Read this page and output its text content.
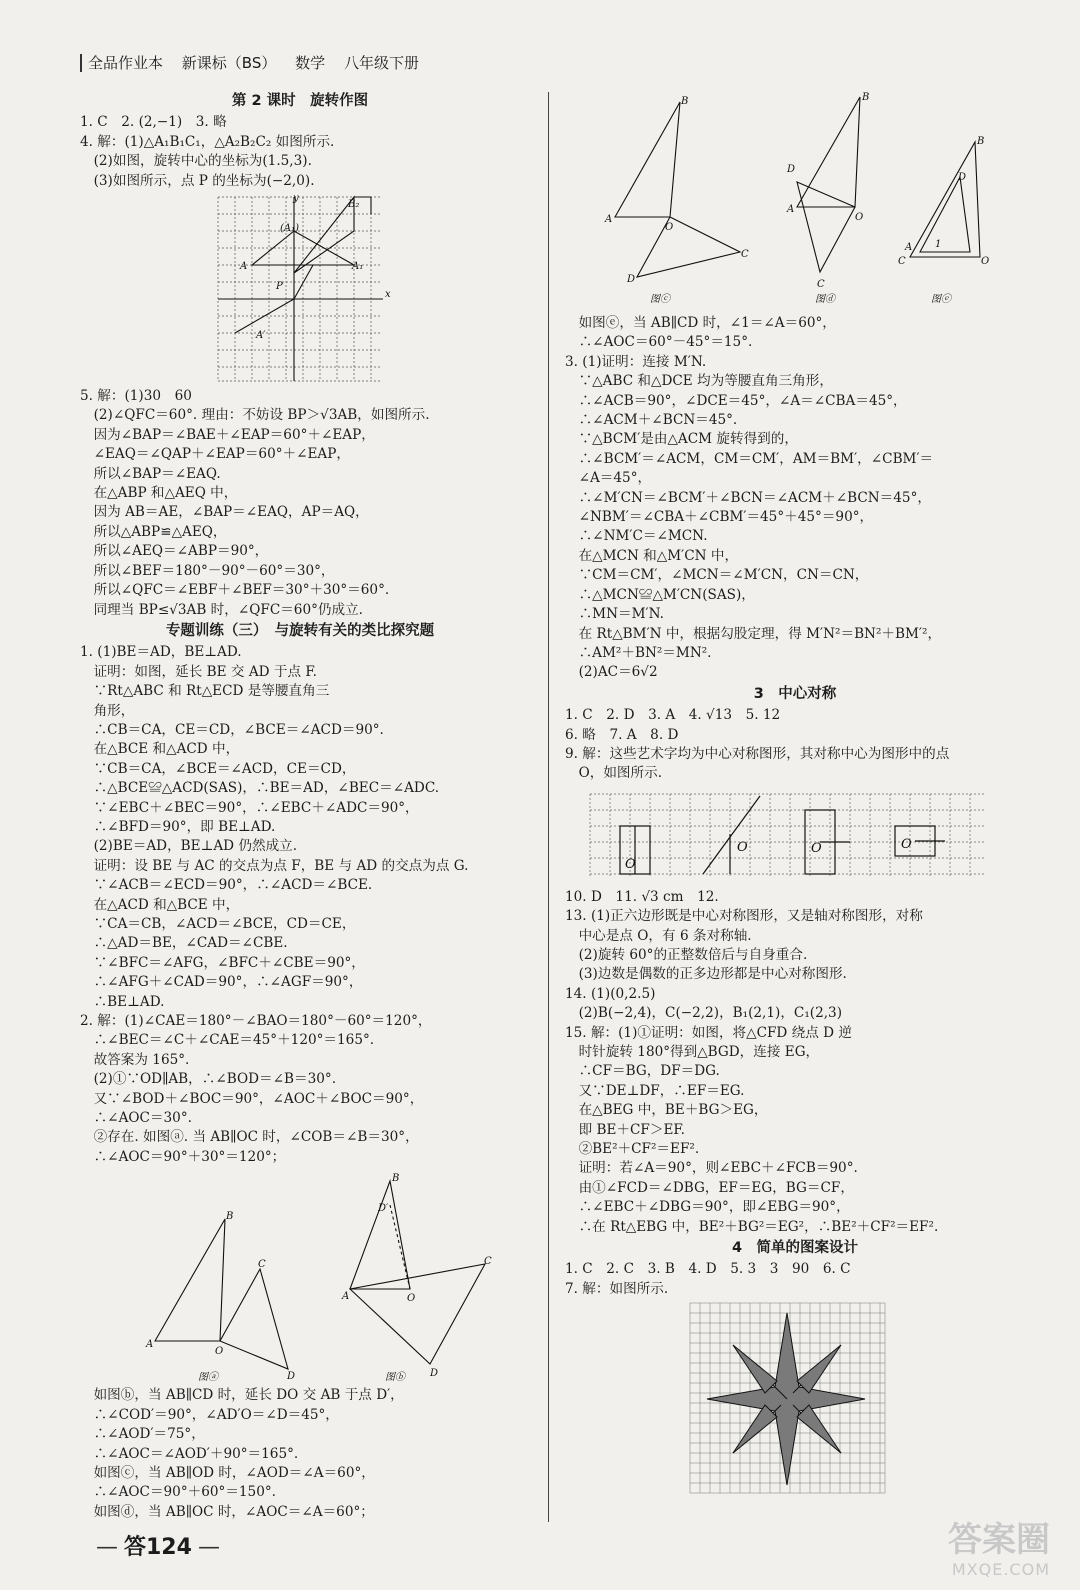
全品作业本 新课标（BS） 数学 八年级下册
第 2 课时　旋转作图
1. C　2. (2,−1)　3. 略
4. 解：(1)△A₁B₁C₁，△A₂B₂C₂ 如图所示.
　(2)如图，旋转中心的坐标为(1.5,3).
　(3)如图所示，点 P 的坐标为(−2,0).
y
x
B₂
(A₁)
A	A₁
P
A′
5. 解：(1)30　60
　(2)∠QFC＝60°. 理由：不妨设 BP＞√3AB，如图所示.
　因为∠BAP＝∠BAE＋∠EAP＝60°＋∠EAP，
　∠EAQ＝∠QAP＋∠EAP＝60°＋∠EAP，
　所以∠BAP＝∠EAQ.
　在△ABP 和△AEQ 中，
　因为 AB＝AE，∠BAP＝∠EAQ，AP＝AQ，
　所以△ABP≌△AEQ，
　所以∠AEQ＝∠ABP＝90°，
　所以∠BEF＝180°－90°－60°＝30°，
　所以∠QFC＝∠EBF＋∠BEF＝30°＋30°＝60°.
　同理当 BP≤√3AB 时，∠QFC＝60°仍成立.
专题训练（三）　与旋转有关的类比探究题
1. (1)BE＝AD，BE⊥AD.
　证明：如图，延长 BE 交 AD 于点 F.
　∵Rt△ABC 和 Rt△ECD 是等腰直角三
　角形，
　∴CB＝CA，CE＝CD，∠BCE＝∠ACD＝90°.
　在△BCE 和△ACD 中，
　∵CB＝CA，∠BCE＝∠ACD，CE＝CD，
　∴△BCE≌△ACD(SAS)，∴BE＝AD，∠BEC＝∠ADC.
　∵∠EBC＋∠BEC＝90°，∴∠EBC＋∠ADC＝90°，
　∴∠BFD＝90°，即 BE⊥AD.
　(2)BE＝AD，BE⊥AD 仍然成立.
　证明：设 BE 与 AC 的交点为点 F，BE 与 AD 的交点为点 G.
　∵∠ACB＝∠ECD＝90°，∴∠ACD＝∠BCE.
　在△ACD 和△BCE 中，
　∵CA＝CB，∠ACD＝∠BCE，CD＝CE，
　∴△AD＝BE，∠CAD＝∠CBE.
　∵∠BFC＝∠AFG，∠BFC＋∠CBE＝90°，
　∴∠AFG＋∠CAD＝90°，∴∠AGF＝90°，
　∴BE⊥AD.
2. 解：(1)∠CAE＝180°－∠BAO＝180°－60°＝120°，
　∴∠BEC＝∠C＋∠CAE＝45°＋120°＝165°.
　故答案为 165°.
　(2)①∵OD∥AB，∴∠BOD＝∠B＝30°.
　又∵∠BOD＋∠BOC＝90°，∠AOC＋∠BOC＝90°，
　∴∠AOC＝30°.
　②存在. 如图ⓐ. 当 AB∥OC 时，∠COB＝∠B＝30°，
　∴∠AOC＝90°＋30°＝120°；
B
A
O
C
D
B
D′
A	O
C
D
图ⓐ	图ⓑ
　如图ⓑ，当 AB∥CD 时，延长 DO 交 AB 于点 D′，
　∴∠COD′＝90°，∠AD′O＝∠D＝45°，
　∴∠AOD′＝75°，
　∴∠AOC＝∠AOD′＋90°＝165°.
　如图ⓒ，当 AB∥OD 时，∠AOD＝∠A＝60°，
　∴∠AOC＝90°＋60°＝150°.
　如图ⓓ，当 AB∥OC 时，∠AOC＝∠A＝60°；
B
A
O
D
C
B
D
A
O
C
B
D
A 1
C	O
图ⓒ	图ⓓ	图ⓔ
　如图ⓔ，当 AB∥CD 时，∠1＝∠A＝60°，
　∴∠AOC＝60°－45°＝15°.
3. (1)证明：连接 M′N.
　∵△ABC 和△DCE 均为等腰直角三角形，
　∴∠ACB＝90°，∠DCE＝45°，∠A＝∠CBA＝45°，
　∴∠ACM＋∠BCN＝45°.
　∵△BCM′是由△ACM 旋转得到的，
　∴∠BCM′＝∠ACM，CM＝CM′，AM＝BM′，∠CBM′＝
　∠A＝45°，
　∴∠M′CN＝∠BCM′＋∠BCN＝∠ACM＋∠BCN＝45°，
　∠NBM′＝∠CBA＋∠CBM′＝45°＋45°＝90°，
　∴∠NM′C＝∠MCN.
　在△MCN 和△M′CN 中，
　∵CM＝CM′，∠MCN＝∠M′CN，CN＝CN，
　∴△MCN≌△M′CN(SAS)，
　∴MN＝M′N.
　在 Rt△BM′N 中，根据勾股定理，得 M′N²＝BN²＋BM′²，
　∴AM²＋BN²＝MN².
　(2)AC＝6√2
3　中心对称
1. C　2. D　3. A　4. √13　5. 12
6. 略　7. A　8. D
9. 解：这些艺术字均为中心对称图形，其对称中心为图形中的点
　O，如图所示.
O
O	O	O
10. D　11. √3 cm　12.
13. (1)正六边形既是中心对称图形，又是轴对称图形，对称
　中心是点 O，有 6 条对称轴.
　(2)旋转 60°的正整数倍后与自身重合.
　(3)边数是偶数的正多边形都是中心对称图形.
14. (1)(0,2.5)
　(2)B(−2,4)，C(−2,2)，B₁(2,1)，C₁(2,3)
15. 解：(1)①证明：如图，将△CFD 绕点 D 逆
　时针旋转 180°得到△BGD，连接 EG，
　∴CF＝BG，DF＝DG.
　又∵DE⊥DF，∴EF＝EG.
　在△BEG 中，BE＋BG＞EG，
　即 BE＋CF＞EF.
　②BE²＋CF²＝EF².
　证明：若∠A＝90°，则∠EBC＋∠FCB＝90°.
　由①∠FCD＝∠DBG，EF＝EG，BG＝CF，
　∴∠EBC＋∠DBG＝90°，即∠EBG＝90°，
　∴在 Rt△EBG 中，BE²＋BG²＝EG²，∴BE²＋CF²＝EF².
4　简单的图案设计
1. C　2. C　3. B　4. D　5. 3　3　90　6. C
7. 解：如图所示.
— 答124 —	答案圈
MXQE.COM
